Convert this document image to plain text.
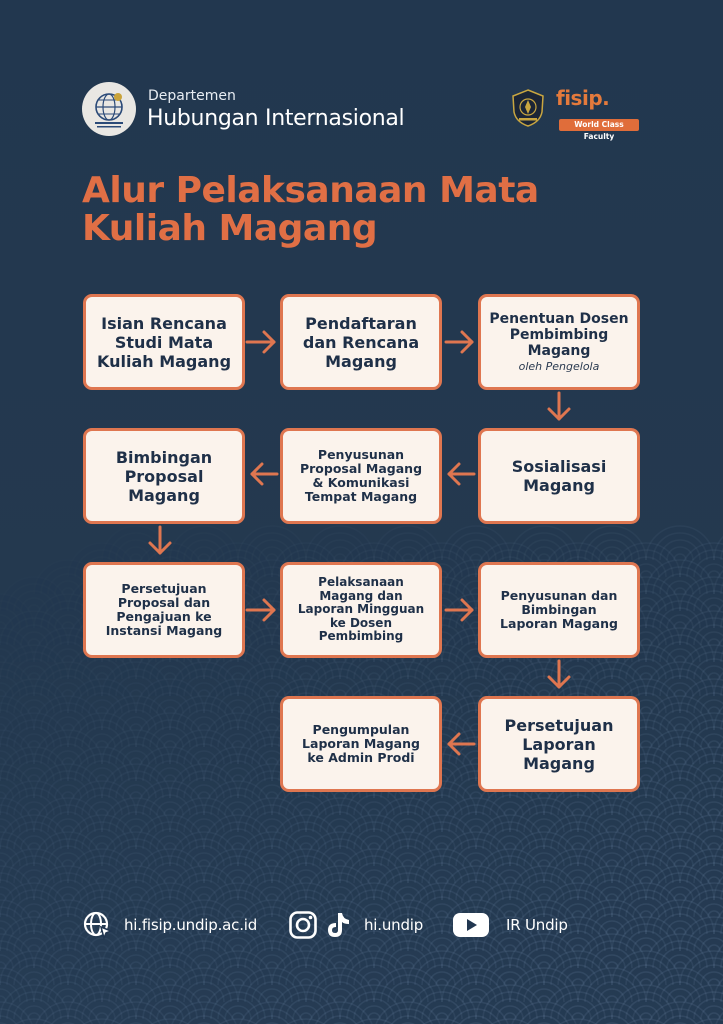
Departemen
Hubungan Internasional
fisip.
World Class Faculty
Alur Pelaksanaan Mata
Kuliah Magang
Isian Rencana
Studi Mata
Kuliah Magang
Pendaftaran
dan Rencana
Magang
Penentuan Dosen
Pembimbing
Magang
oleh Pengelola
Sosialisasi
Magang
Penyusunan
Proposal Magang
& Komunikasi
Tempat Magang
Bimbingan
Proposal
Magang
Persetujuan
Proposal dan
Pengajuan ke
Instansi Magang
Pelaksanaan
Magang dan
Laporan Mingguan
ke Dosen
Pembimbing
Penyusunan dan
Bimbingan
Laporan Magang
Persetujuan
Laporan
Magang
Pengumpulan
Laporan Magang
ke Admin Prodi
hi.fisip.undip.ac.id	hi.undip	IR Undip
